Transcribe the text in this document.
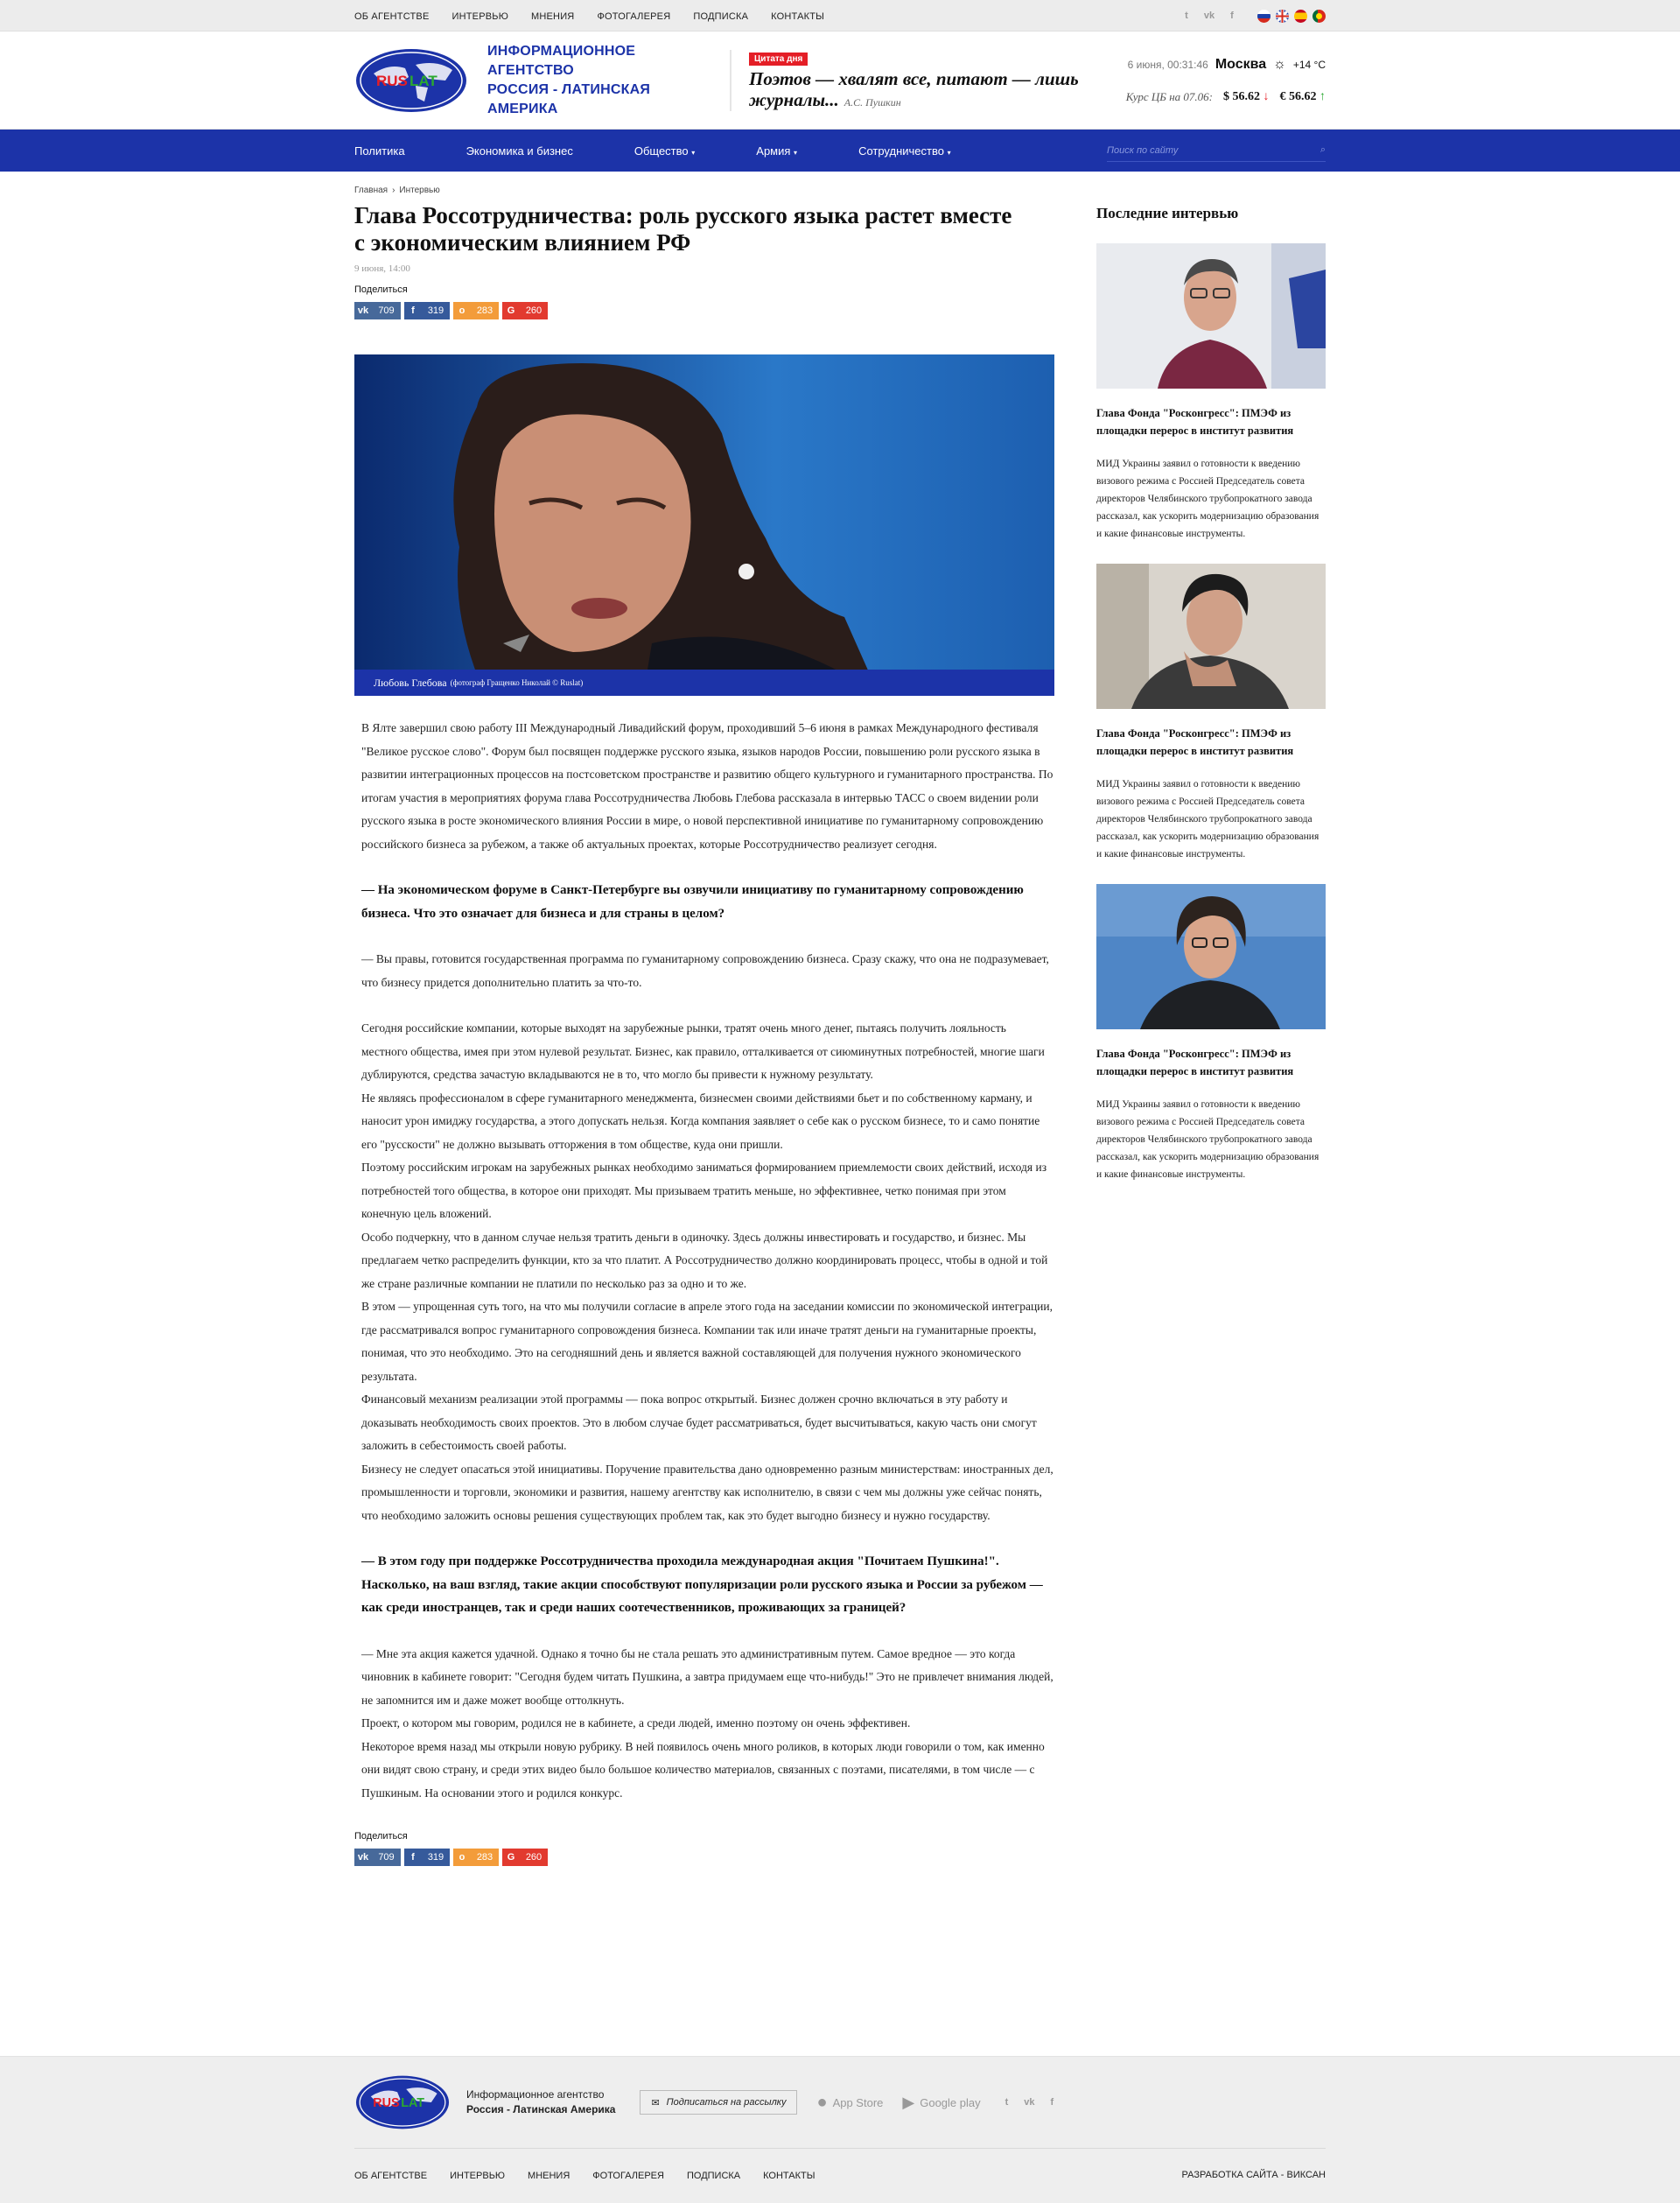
ОБ АГЕНТСТВЕ ИНТЕРВЬЮ МНЕНИЯ ФОТОГАЛЕРЕЯ ПОДПИСКА КОНТАКТЫ	t	vk	f
RUS LAT
ИНФОРМАЦИОННОЕ АГЕНТСТВО
РОССИЯ - ЛАТИНСКАЯ АМЕРИКА
Цитата дня
Поэтов — хвалят все, питают — лишь журналы... А.С. Пушкин
6 июня, 00:31:46 Москва ☼ +14 °C
Курс ЦБ на 07.06: $ 56.62 ↓ € 56.62 ↑
Политика	Экономика и бизнес	Общество ▾	Армия ▾	Сотрудничество ▾	Поиск по сайту	⌕
Главная › Интервью
Глава Россотрудничества: роль русского языка растет вместе с экономическим влиянием РФ
9 июня, 14:00
Поделиться
vk	709	f	319	о	283	G	260
Любовь Глебова (фотограф Гращенко Николай © Ruslat)

В Ялте завершил свою работу III Международный Ливадийский форум, проходивший 5–6 июня в рамках Международного фестиваля "Великое русское слово". Форум был посвящен поддержке русского языка, языков народов России, повышению роли русского языка в развитии интеграционных процессов на постсоветском пространстве и развитию общего культурного и гуманитарного пространства. По итогам участия в мероприятиях форума глава Россотрудничества Любовь Глебова рассказала в интервью ТАСС о своем видении роли русского языка в росте экономического влияния России в мире, о новой перспективной инициативе по гуманитарному сопровождению российского бизнеса за рубежом, а также об актуальных проектах, которые Россотрудничество реализует сегодня.

— На экономическом форуме в Санкт-Петербурге вы озвучили инициативу по гуманитарному сопровождению бизнеса. Что это означает для бизнеса и для страны в целом?

— Вы правы, готовится государственная программа по гуманитарному сопровождению бизнеса. Сразу скажу, что она не подразумевает, что бизнесу придется дополнительно платить за что-то.

Сегодня российские компании, которые выходят на зарубежные рынки, тратят очень много денег, пытаясь получить лояльность местного общества, имея при этом нулевой результат. Бизнес, как правило, отталкивается от сиюминутных потребностей, многие шаги дублируются, средства зачастую вкладываются не в то, что могло бы привести к нужному результату.

Не являясь профессионалом в сфере гуманитарного менеджмента, бизнесмен своими действиями бьет и по собственному карману, и наносит урон имиджу государства, а этого допускать нельзя. Когда компания заявляет о себе как о русском бизнесе, то и само понятие его "русскости" не должно вызывать отторжения в том обществе, куда они пришли.

Поэтому российским игрокам на зарубежных рынках необходимо заниматься формированием приемлемости своих действий, исходя из потребностей того общества, в которое они приходят. Мы призываем тратить меньше, но эффективнее, четко понимая при этом конечную цель вложений.

Особо подчеркну, что в данном случае нельзя тратить деньги в одиночку. Здесь должны инвестировать и государство, и бизнес. Мы предлагаем четко распределить функции, кто за что платит. А Россотрудничество должно координировать процесс, чтобы в одной и той же стране различные компании не платили по несколько раз за одно и то же.

В этом — упрощенная суть того, на что мы получили согласие в апреле этого года на заседании комиссии по экономической интеграции, где рассматривался вопрос гуманитарного сопровождения бизнеса. Компании так или иначе тратят деньги на гуманитарные проекты, понимая, что это необходимо. Это на сегодняшний день и является важной составляющей для получения нужного экономического результата.

Финансовый механизм реализации этой программы — пока вопрос открытый. Бизнес должен срочно включаться в эту работу и доказывать необходимость своих проектов. Это в любом случае будет рассматриваться, будет высчитываться, какую часть они смогут заложить в себестоимость своей работы.

Бизнесу не следует опасаться этой инициативы. Поручение правительства дано одновременно разным министерствам: иностранных дел, промышленности и торговли, экономики и развития, нашему агентству как исполнителю, в связи с чем мы должны уже сейчас понять, что необходимо заложить основы решения существующих проблем так, как это будет выгодно бизнесу и нужно государству.

— В этом году при поддержке Россотрудничества проходила международная акция "Почитаем Пушкина!". Насколько, на ваш взгляд, такие акции способствуют популяризации роли русского языка и России за рубежом — как среди иностранцев, так и среди наших соотечественников, проживающих за границей?

— Мне эта акция кажется удачной. Однако я точно бы не стала решать это административным путем. Самое вредное — это когда чиновник в кабинете говорит: "Сегодня будем читать Пушкина, а завтра придумаем еще что-нибудь!" Это не привлечет внимания людей, не запомнится им и даже может вообще оттолкнуть.

Проект, о котором мы говорим, родился не в кабинете, а среди людей, именно поэтому он очень эффективен.

Некоторое время назад мы открыли новую рубрику. В ней появилось очень много роликов, в которых люди говорили о том, как именно они видят свою страну, и среди этих видео было большое количество материалов, связанных с поэтами, писателями, в том числе — с Пушкиным. На основании этого и родился конкурс.

Поделиться
vk	709	f	319	о	283	G	260
Последние интервью
Глава Фонда "Росконгресс": ПМЭФ из площадки перерос в институт развития
МИД Украины заявил о готовности к введению визового режима с Россией Председатель совета директоров Челябинского трубопрокатного завода рассказал, как ускорить модернизацию образования и какие финансовые инструменты.
Глава Фонда "Росконгресс": ПМЭФ из площадки перерос в институт развития
МИД Украины заявил о готовности к введению визового режима с Россией Председатель совета директоров Челябинского трубопрокатного завода рассказал, как ускорить модернизацию образования и какие финансовые инструменты.
Глава Фонда "Росконгресс": ПМЭФ из площадки перерос в институт развития
МИД Украины заявил о готовности к введению визового режима с Россией Председатель совета директоров Челябинского трубопрокатного завода рассказал, как ускорить модернизацию образования и какие финансовые инструменты.
RUS LAT
Информационное агентство
Россия - Латинская Америка
✉ Подписаться на рассылку ● App Store ▶ Google play	t vk f
ОБ АГЕНТСТВЕ ИНТЕРВЬЮ МНЕНИЯ ФОТОГАЛЕРЕЯ ПОДПИСКА КОНТАКТЫ	РАЗРАБОТКА САЙТА - ВИКСАН
